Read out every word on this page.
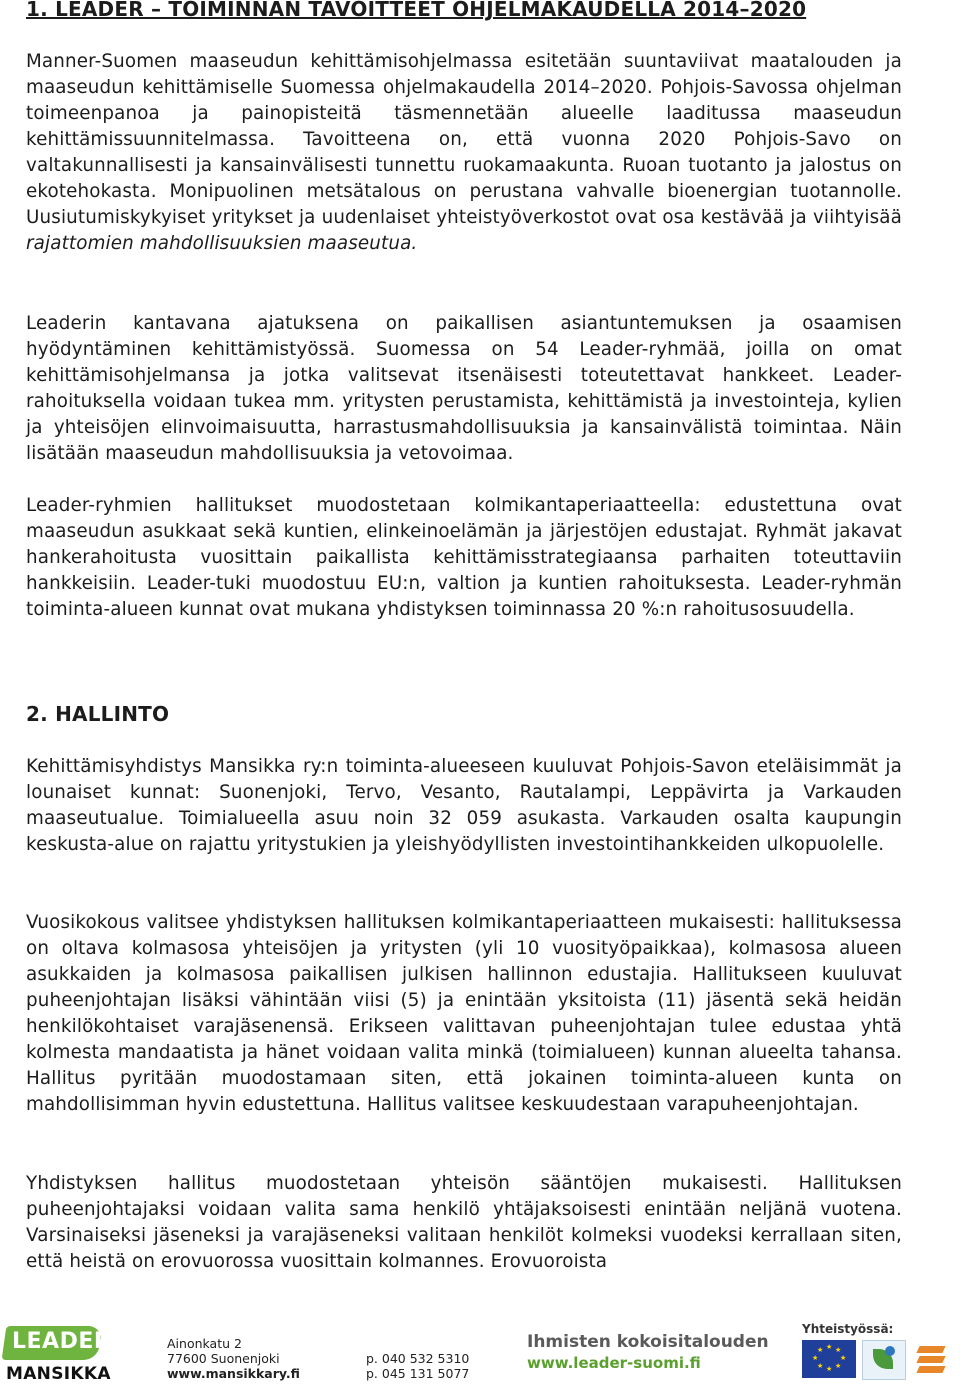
1. LEADER – TOIMINNAN TAVOITTEET OHJELMAKAUDELLA 2014–2020

Manner-Suomen maaseudun kehittämisohjelmassa esitetään suuntaviivat maatalouden ja maaseudun kehittämiselle Suomessa ohjelmakaudella 2014–2020. Pohjois-Savossa ohjelman toimeenpanoa ja painopisteitä täsmennetään alueelle laaditussa maaseudun kehittämissuunnitelmassa. Tavoitteena on, että vuonna 2020 Pohjois-Savo on valtakunnallisesti ja kansainvälisesti tunnettu ruokamaakunta. Ruoan tuotanto ja jalostus on ekotehokasta. Monipuolinen metsätalous on perustana vahvalle bioenergian tuotannolle. Uusiutumiskykyiset yritykset ja uudenlaiset yhteistyöverkostot ovat osa kestävää ja viihtyisää rajattomien mahdollisuuksien maaseutua.

Leaderin kantavana ajatuksena on paikallisen asiantuntemuksen ja osaamisen hyödyntäminen kehittämistyössä. Suomessa on 54 Leader-ryhmää, joilla on omat kehittämisohjelmansa ja jotka valitsevat itsenäisesti toteutettavat hankkeet. Leader-rahoituksella voidaan tukea mm. yritysten perustamista, kehittämistä ja investointeja, kylien ja yhteisöjen elinvoimaisuutta, harrastusmahdollisuuksia ja kansainvälistä toimintaa. Näin lisätään maaseudun mahdollisuuksia ja vetovoimaa.

Leader-ryhmien hallitukset muodostetaan kolmikantaperiaatteella: edustettuna ovat maaseudun asukkaat sekä kuntien, elinkeinoelämän ja järjestöjen edustajat. Ryhmät jakavat hankerahoitusta vuosittain paikallista kehittämisstrategiaansa parhaiten toteuttaviin hankkeisiin. Leader-tuki muodostuu EU:n, valtion ja kuntien rahoituksesta. Leader-ryhmän toiminta-alueen kunnat ovat mukana yhdistyksen toiminnassa 20 %:n rahoitusosuudella.

2. HALLINTO

Kehittämisyhdistys Mansikka ry:n toiminta-alueeseen kuuluvat Pohjois-Savon eteläisimmät ja lounaiset kunnat: Suonenjoki, Tervo, Vesanto, Rautalampi, Leppävirta ja Varkauden maaseutualue. Toimialueella asuu noin 32 059 asukasta. Varkauden osalta kaupungin keskusta-alue on rajattu yritystukien ja yleishyödyllisten investointihankkeiden ulkopuolelle.

Vuosikokous valitsee yhdistyksen hallituksen kolmikantaperiaatteen mukaisesti: hallituksessa on oltava kolmasosa yhteisöjen ja yritysten (yli 10 vuosityöpaikkaa), kolmasosa alueen asukkaiden ja kolmasosa paikallisen julkisen hallinnon edustajia. Hallitukseen kuuluvat puheenjohtajan lisäksi vähintään viisi (5) ja enintään yksitoista (11) jäsentä sekä heidän henkilökohtaiset varajäsenensä. Erikseen valittavan puheenjohtajan tulee edustaa yhtä kolmesta mandaatista ja hänet voidaan valita minkä (toimialueen) kunnan alueelta tahansa. Hallitus pyritään muodostamaan siten, että jokainen toiminta-alueen kunta on mahdollisimman hyvin edustettuna. Hallitus valitsee keskuudestaan varapuheenjohtajan.

Yhdistyksen hallitus muodostetaan yhteisön sääntöjen mukaisesti. Hallituksen puheenjohtajaksi voidaan valita sama henkilö yhtäjaksoisesti enintään neljänä vuotena. Varsinaiseksi jäseneksi ja varajäseneksi valitaan henkilöt kolmeksi vuodeksi kerrallaan siten, että heistä on erovuorossa vuosittain kolmannes. Erovuoroista

LEADER
MANSIKKA
Ainonkatu 2
77600 Suonenjoki
www.mansikkary.fi
p. 040 532 5310
p. 045 131 5077
Ihmisten kokoisitalouden
www.leader-suomi.fi
Yhteistyössä:
★ ★
★
★
★
★
★
★
